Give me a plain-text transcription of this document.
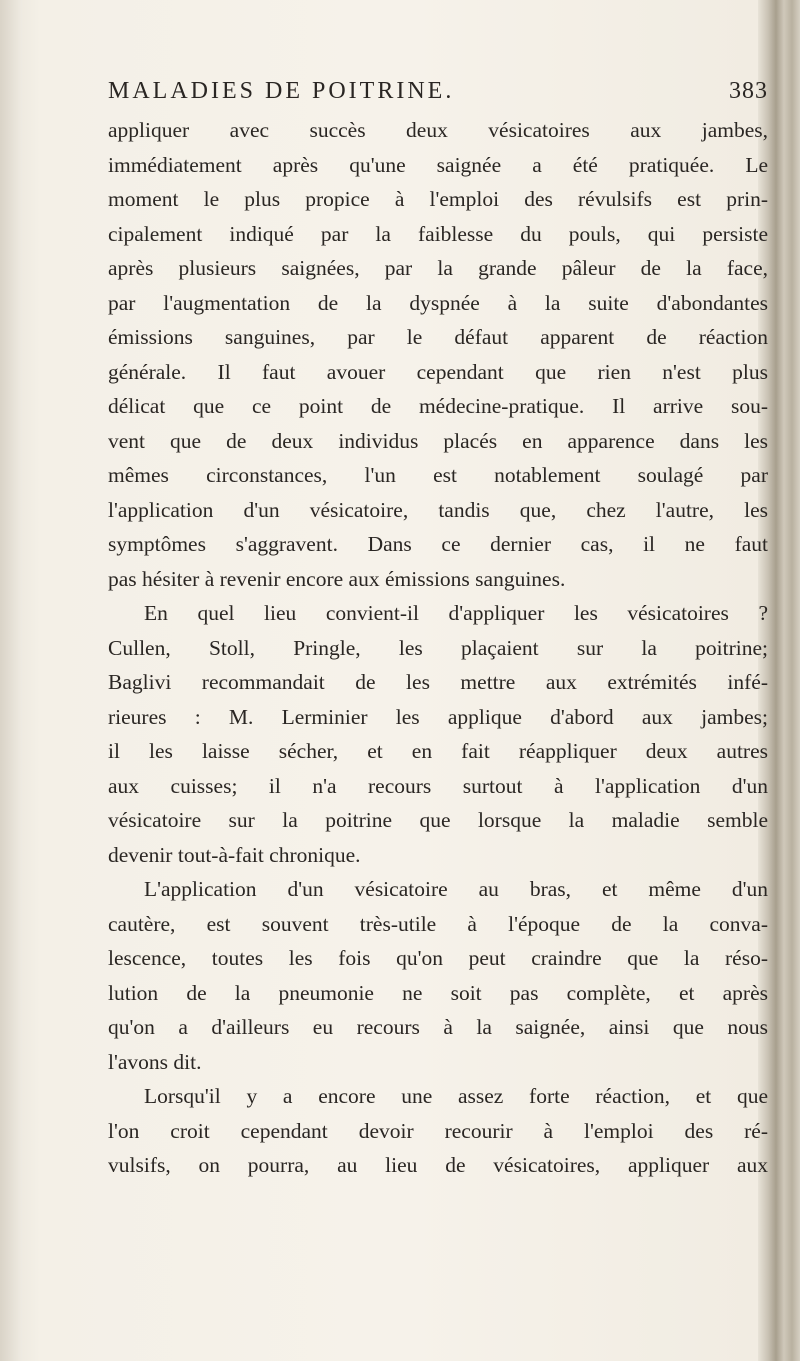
MALADIES DE POITRINE.	383
appliquer avec succès deux vésicatoires aux jambes,
immédiatement après qu'une saignée a été pratiquée. Le
moment le plus propice à l'emploi des révulsifs est prin-
cipalement indiqué par la faiblesse du pouls, qui persiste
après plusieurs saignées, par la grande pâleur de la face,
par l'augmentation de la dyspnée à la suite d'abondantes
émissions sanguines, par le défaut apparent de réaction
générale. Il faut avouer cependant que rien n'est plus
délicat que ce point de médecine-pratique. Il arrive sou-
vent que de deux individus placés en apparence dans les
mêmes circonstances, l'un est notablement soulagé par
l'application d'un vésicatoire, tandis que, chez l'autre, les
symptômes s'aggravent. Dans ce dernier cas, il ne faut
pas hésiter à revenir encore aux émissions sanguines.
En quel lieu convient-il d'appliquer les vésicatoires ?
Cullen, Stoll, Pringle, les plaçaient sur la poitrine;
Baglivi recommandait de les mettre aux extrémités infé-
rieures : M. Lerminier les applique d'abord aux jambes;
il les laisse sécher, et en fait réappliquer deux autres
aux cuisses; il n'a recours surtout à l'application d'un
vésicatoire sur la poitrine que lorsque la maladie semble
devenir tout-à-fait chronique.
L'application d'un vésicatoire au bras, et même d'un
cautère, est souvent très-utile à l'époque de la conva-
lescence, toutes les fois qu'on peut craindre que la réso-
lution de la pneumonie ne soit pas complète, et après
qu'on a d'ailleurs eu recours à la saignée, ainsi que nous
l'avons dit.
Lorsqu'il y a encore une assez forte réaction, et que
l'on croit cependant devoir recourir à l'emploi des ré-
vulsifs, on pourra, au lieu de vésicatoires, appliquer aux
